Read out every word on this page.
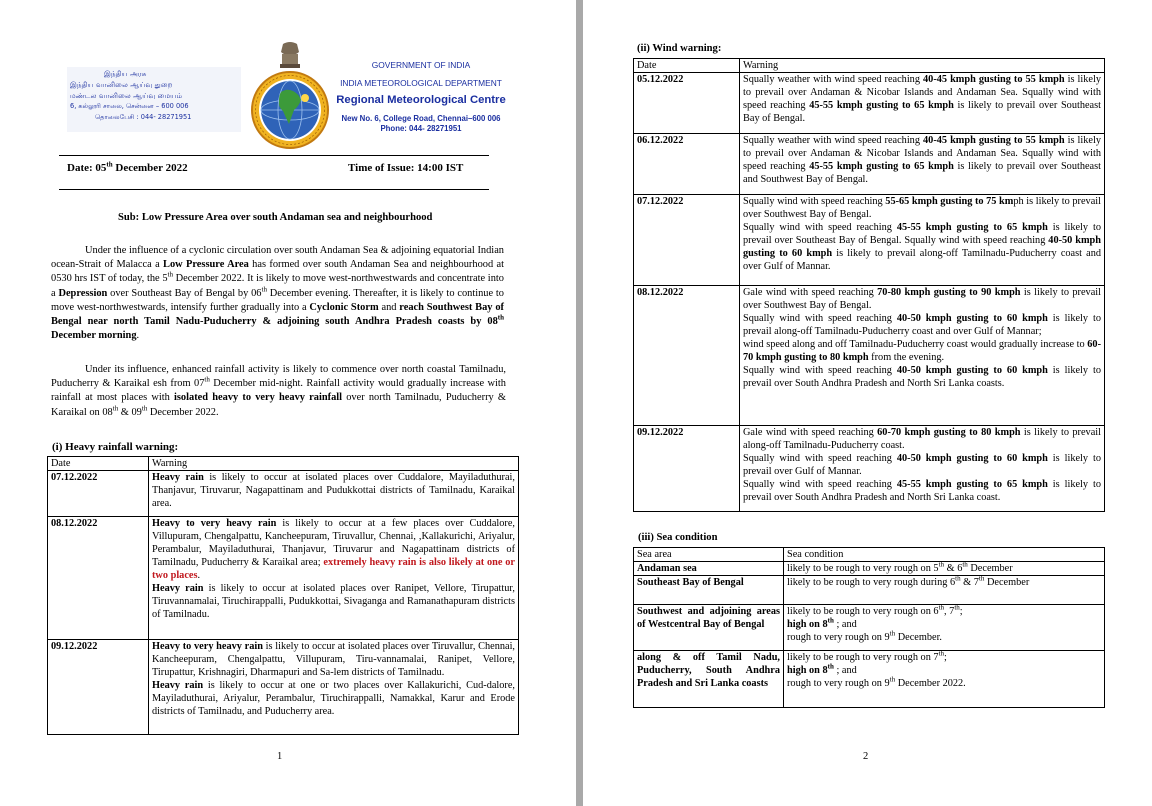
இந்திய அரசு
இந்திய வானிலை ஆய்வு துறை
மண்டல வானிலை ஆய்வு மையம்
6, கல்லூரி சாலை, சென்னை – 600 006
தொலைபேசி : 044- 28271951
GOVERNMENT OF INDIA
INDIA METEOROLOGICAL DEPARTMENT
Regional Meteorological Centre
New No. 6, College Road, Chennai–600 006
Phone: 044- 28271951
Date: 05th December 2022	Time of Issue: 14:00 IST
Sub: Low Pressure Area over south Andaman sea and neighbourhood
Under the influence of a cyclonic circulation over south Andaman Sea & adjoining equatorial Indian ocean-Strait of Malacca a Low Pressure Area has formed over south Andaman Sea and neighbourhood at 0530 hrs IST of today, the 5th December 2022. It is likely to move west-northwestwards and concentrate into a Depression over Southeast Bay of Bengal by 06th December evening. Thereafter, it is likely to continue to move west-northwestwards, intensify further gradually into a Cyclonic Storm and reach Southwest Bay of Bengal near north Tamil Nadu-Puducherry & adjoining south Andhra Pradesh coasts by 08th December morning.
Under its influence, enhanced rainfall activity is likely to commence over north coastal Tamilnadu, Puducherry & Karaikal esh from 07th December mid-night. Rainfall activity would gradually increase with rainfall at most places with isolated heavy to very heavy rainfall over north Tamilnadu, Puducherry & Karaikal on 08th & 09th December 2022.
(i) Heavy rainfall warning:
Date	Warning
07.12.2022	Heavy rain is likely to occur at isolated places over Cuddalore, Mayiladuthurai, Thanjavur, Tiruvarur, Nagapattinam and Pudukkottai districts of Tamilnadu, Karaikal area.
08.12.2022	Heavy to very heavy rain is likely to occur at a few places over Cuddalore, Villupuram, Chengalpattu, Kancheepuram, Tiruvallur, Chennai, ,Kallakurichi, Ariyalur, Perambalur, Mayiladuthurai, Thanjavur, Tiruvarur and Nagapattinam districts of Tamilnadu, Puducherry & Karaikal area; extremely heavy rain is also likely at one or two places.
Heavy rain is likely to occur at isolated places over Ranipet, Vellore, Tirupattur, Tiruvannamalai, Tiruchirappalli, Pudukkottai, Sivaganga and Ramanathapuram districts of Tamilnadu.
09.12.2022	Heavy to very heavy rain is likely to occur at isolated places over Tiruvallur, Chennai, Kancheepuram, Chengalpattu, Villupuram, Tiru-vannamalai, Ranipet, Vellore, Tirupattur, Krishnagiri, Dharmapuri and Sa-lem districts of Tamilnadu.
Heavy rain is likely to occur at one or two places over Kallakurichi, Cud-dalore, Mayiladuthurai, Ariyalur, Perambalur, Tiruchirappalli, Namakkal, Karur and Erode districts of Tamilnadu, and Puducherry area.
1
(ii) Wind warning:
Date	Warning
05.12.2022	Squally weather with wind speed reaching 40-45 kmph gusting to 55 kmph is likely to prevail over Andaman & Nicobar Islands and Andaman Sea. Squally wind with speed reaching 45-55 kmph gusting to 65 kmph is likely to prevail over Southeast Bay of Bengal.
06.12.2022	Squally weather with wind speed reaching 40-45 kmph gusting to 55 kmph is likely to prevail over Andaman & Nicobar Islands and Andaman Sea. Squally wind with speed reaching 45-55 kmph gusting to 65 kmph is likely to prevail over Southeast and Southwest Bay of Bengal.
07.12.2022	Squally wind with speed reaching 55-65 kmph gusting to 75 kmph is likely to prevail over Southwest Bay of Bengal.
Squally wind with speed reaching 45-55 kmph gusting to 65 kmph is likely to prevail over Southeast Bay of Bengal. Squally wind with speed reaching 40-50 kmph gusting to 60 kmph is likely to prevail along-off Tamilnadu-Puducherry coast and over Gulf of Mannar.
08.12.2022	Gale wind with speed reaching 70-80 kmph gusting to 90 kmph is likely to prevail over Southwest Bay of Bengal.
Squally wind with speed reaching 40-50 kmph gusting to 60 kmph is likely to prevail along-off Tamilnadu-Puducherry coast and over Gulf of Mannar;
wind speed along and off Tamilnadu-Puducherry coast would gradually increase to 60-70 kmph gusting to 80 kmph from the evening.
Squally wind with speed reaching 40-50 kmph gusting to 60 kmph is likely to prevail over South Andhra Pradesh and North Sri Lanka coasts.
09.12.2022	Gale wind with speed reaching 60-70 kmph gusting to 80 kmph is likely to prevail along-off Tamilnadu-Puducherry coast.
Squally wind with speed reaching 40-50 kmph gusting to 60 kmph is likely to prevail over Gulf of Mannar.
Squally wind with speed reaching 45-55 kmph gusting to 65 kmph is likely to prevail over South Andhra Pradesh and North Sri Lanka coast.
(iii) Sea condition
Sea area	Sea condition
Andaman sea	likely to be rough to very rough on 5th & 6th December
Southeast Bay of Bengal	likely to be rough to very rough during 6th & 7th December
Southwest and adjoining areas of Westcentral Bay of Bengal	likely to be rough to very rough on 6th, 7th;
high on 8th ; and
rough to very rough on 9th December.
along & off Tamil Nadu, Puducherry, South Andhra Pradesh and Sri Lanka coasts	likely to be rough to very rough on 7th;
high on 8th ; and
rough to very rough on 9th December 2022.
2
